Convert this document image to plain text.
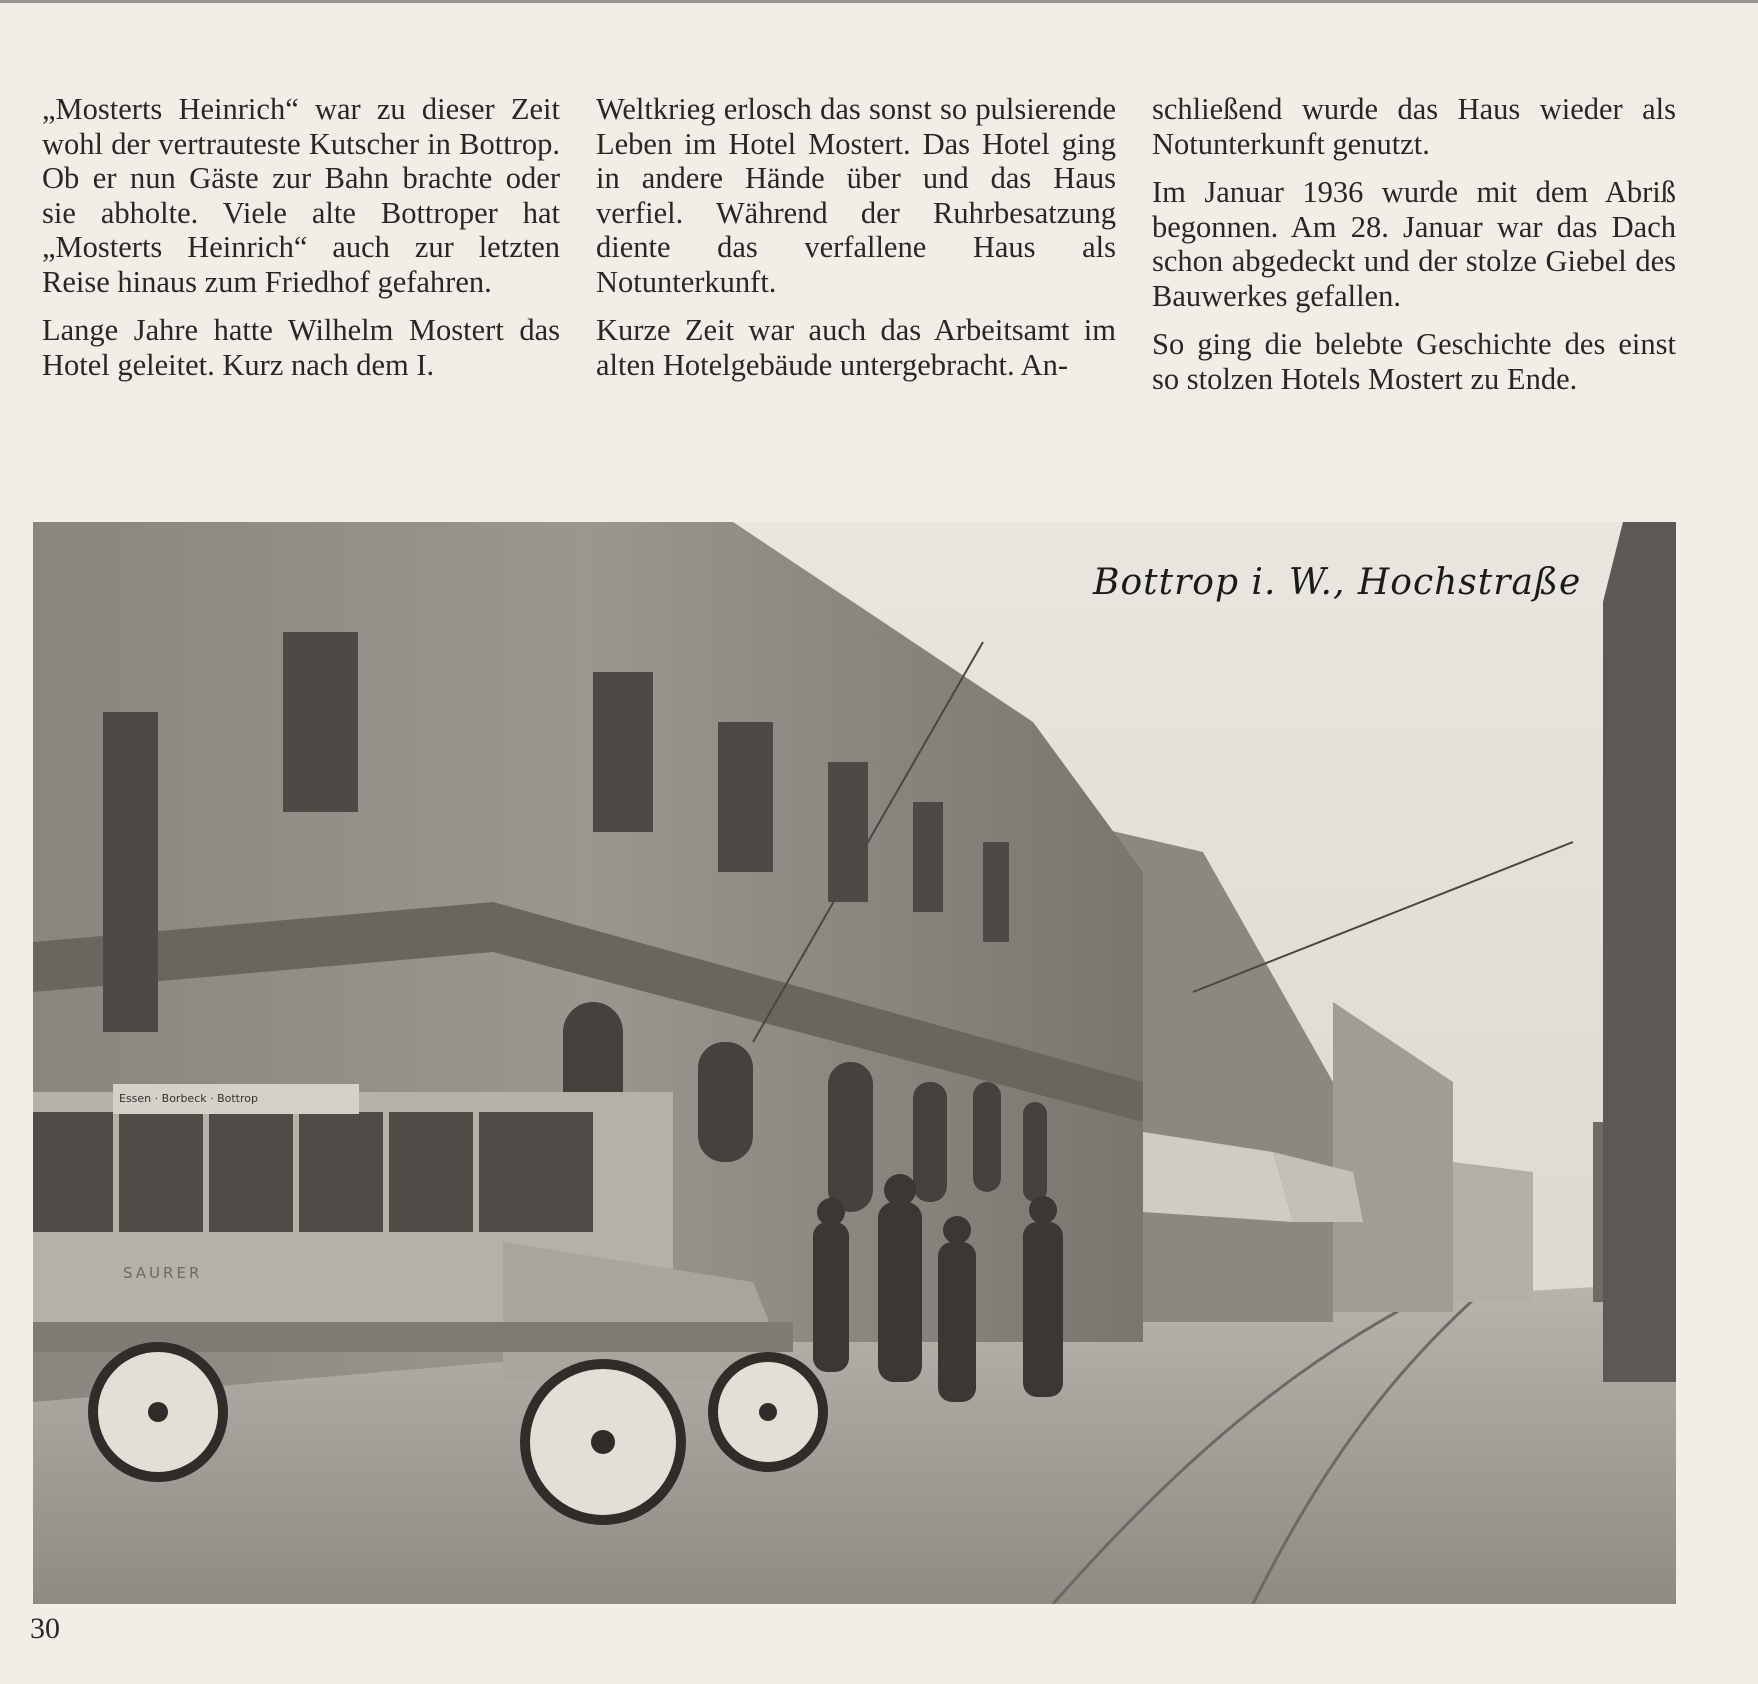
„Mosterts Heinrich“ war zu dieser Zeit wohl der vertrauteste Kutscher in Bottrop. Ob er nun Gäste zur Bahn brachte oder sie abholte. Viele alte Bottroper hat „Mosterts Heinrich“ auch zur letzten Reise hinaus zum Friedhof gefahren.

Lange Jahre hatte Wilhelm Mostert das Hotel geleitet. Kurz nach dem I.

Weltkrieg erlosch das sonst so pulsierende Leben im Hotel Mostert. Das Hotel ging in andere Hände über und das Haus verfiel. Während der Ruhrbesatzung diente das verfallene Haus als Notunterkunft.

Kurze Zeit war auch das Arbeitsamt im alten Hotelgebäude untergebracht. An-

schließend wurde das Haus wieder als Notunterkunft genutzt.

Im Januar 1936 wurde mit dem Abriß begonnen. Am 28. Januar war das Dach schon abgedeckt und der stolze Giebel des Bauwerkes gefallen.

So ging die belebte Geschichte des einst so stolzen Hotels Mostert zu Ende.

Bottrop i. W., Hochstraße
Essen · Borbeck · Bottrop
SAURER
30
